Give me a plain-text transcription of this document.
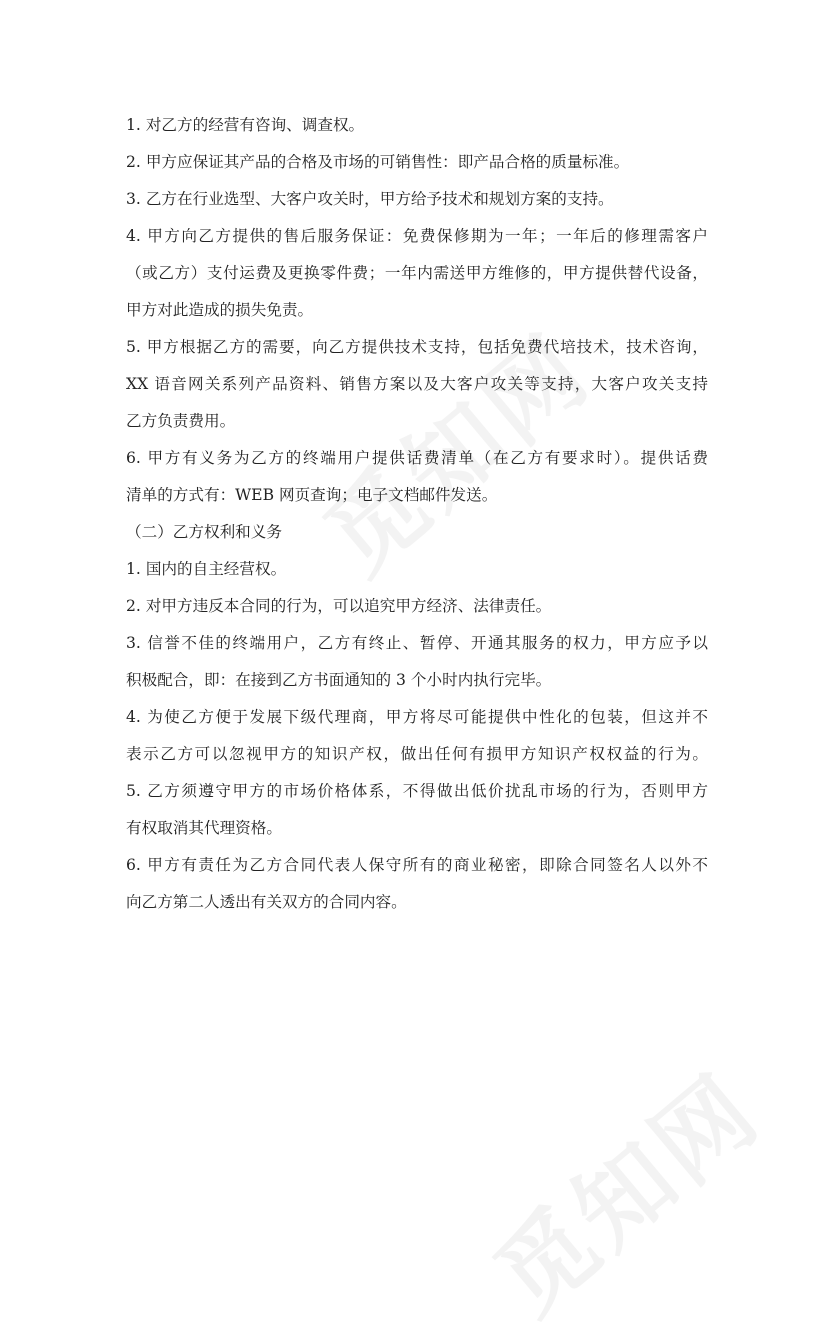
1. 对乙方的经营有咨询、调查权。
2. 甲方应保证其产品的合格及市场的可销售性：即产品合格的质量标准。
3. 乙方在行业选型、大客户攻关时，甲方给予技术和规划方案的支持。
4. 甲方向乙方提供的售后服务保证：免费保修期为一年；一年后的修理需客户
（或乙方）支付运费及更换零件费；一年内需送甲方维修的，甲方提供替代设备，
甲方对此造成的损失免责。
5. 甲方根据乙方的需要，向乙方提供技术支持，包括免费代培技术，技术咨询，
XX 语音网关系列产品资料、销售方案以及大客户攻关等支持，大客户攻关支持
乙方负责费用。
6. 甲方有义务为乙方的终端用户提供话费清单（在乙方有要求时）。提供话费
清单的方式有：WEB 网页查询；电子文档邮件发送。
（二）乙方权利和义务
1. 国内的自主经营权。
2. 对甲方违反本合同的行为，可以追究甲方经济、法律责任。
3. 信誉不佳的终端用户，乙方有终止、暂停、开通其服务的权力，甲方应予以
积极配合，即：在接到乙方书面通知的 3 个小时内执行完毕。
4. 为使乙方便于发展下级代理商，甲方将尽可能提供中性化的包装，但这并不
表示乙方可以忽视甲方的知识产权，做出任何有损甲方知识产权权益的行为。
5. 乙方须遵守甲方的市场价格体系，不得做出低价扰乱市场的行为，否则甲方
有权取消其代理资格。
6. 甲方有责任为乙方合同代表人保守所有的商业秘密，即除合同签名人以外不
向乙方第二人透出有关双方的合同内容。
